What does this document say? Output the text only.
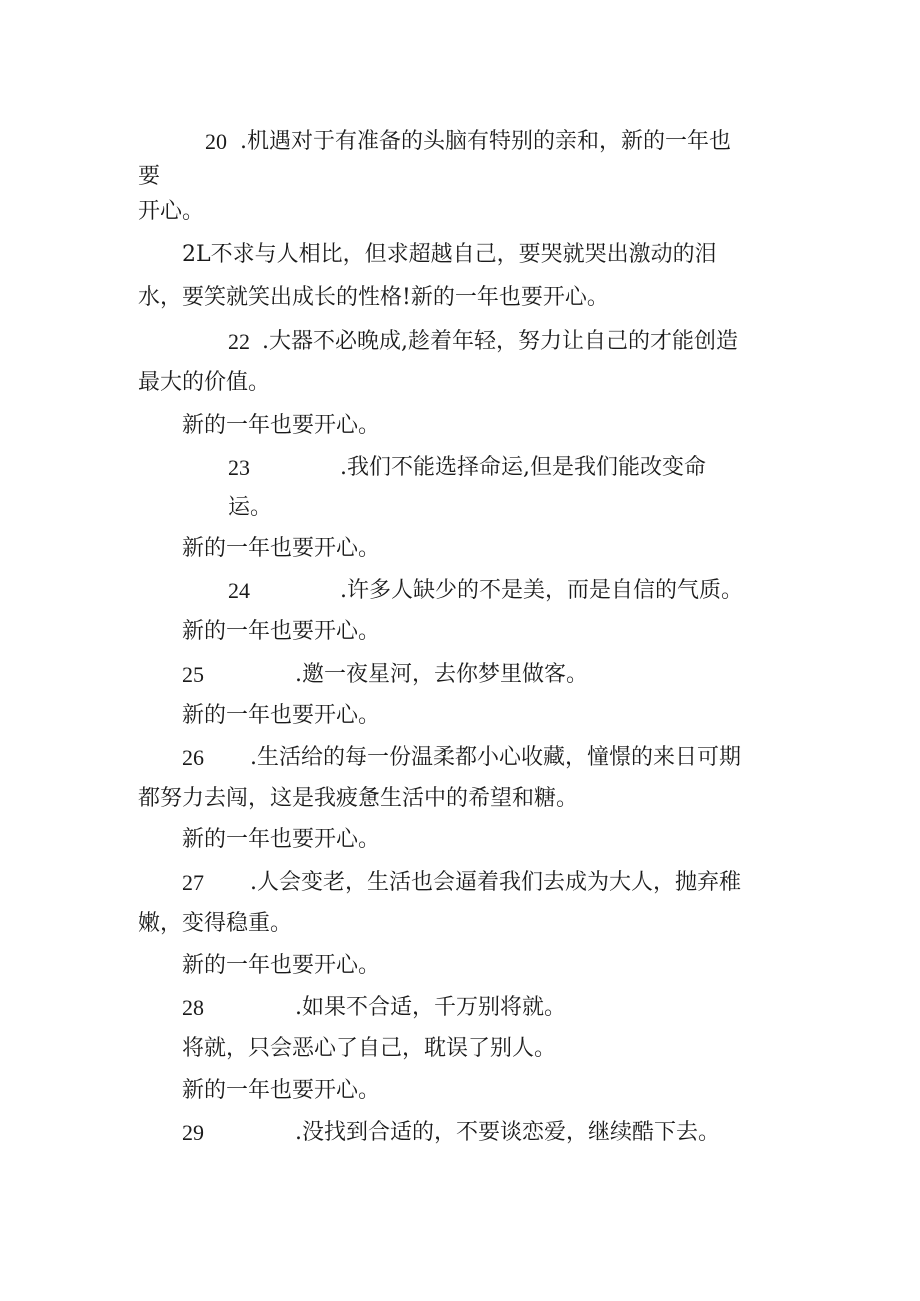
20 .机遇对于有准备的头脑有特别的亲和，新的一年也
要
开心。
2L不求与人相比，但求超越自己，要哭就哭出激动的泪
水，要笑就笑出成长的性格!新的一年也要开心。
22 .大器不必晚成,趁着年轻，努力让自己的才能创造
最大的价值。
新的一年也要开心。
23	.我们不能选择命运,但是我们能改变命
运。
新的一年也要开心。
24	.许多人缺少的不是美，而是自信的气质。
新的一年也要开心。
25	.邀一夜星河，去你梦里做客。
新的一年也要开心。
26 .生活给的每一份温柔都小心收藏，憧憬的来日可期
都努力去闯，这是我疲惫生活中的希望和糖。
新的一年也要开心。
27 .人会变老，生活也会逼着我们去成为大人，抛弃稚
嫩，变得稳重。
新的一年也要开心。
28	.如果不合适，千万别将就。
将就，只会恶心了自己，耽误了别人。
新的一年也要开心。
29	.没找到合适的，不要谈恋爱，继续酷下去。
